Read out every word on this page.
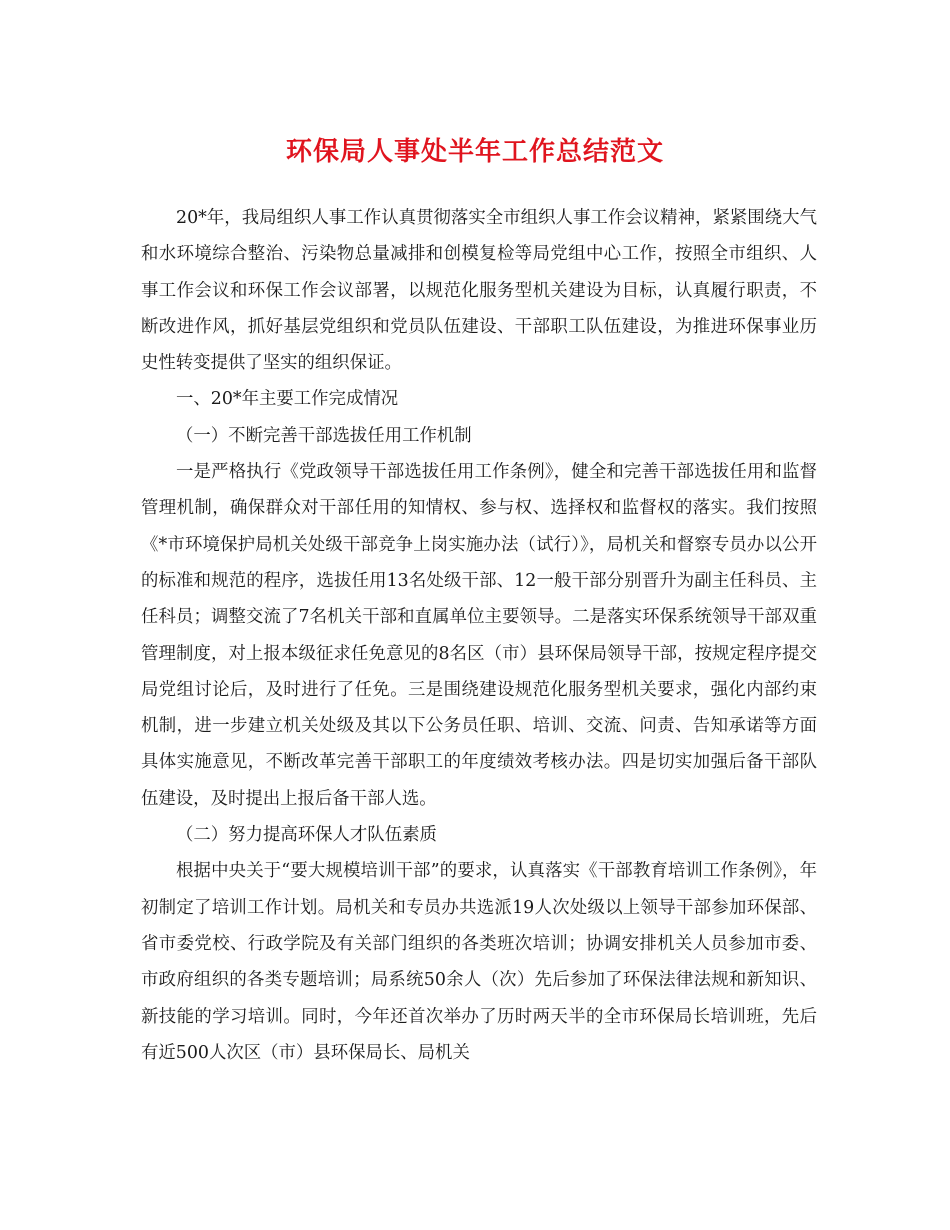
环保局人事处半年工作总结范文

20*年，我局组织人事工作认真贯彻落实全市组织人事工作会议精神，紧紧围绕大气和水环境综合整治、污染物总量减排和创模复检等局党组中心工作，按照全市组织、人事工作会议和环保工作会议部署，以规范化服务型机关建设为目标，认真履行职责，不断改进作风，抓好基层党组织和党员队伍建设、干部职工队伍建设，为推进环保事业历史性转变提供了坚实的组织保证。

一、20*年主要工作完成情况

（一）不断完善干部选拔任用工作机制

一是严格执行《党政领导干部选拔任用工作条例》，健全和完善干部选拔任用和监督管理机制，确保群众对干部任用的知情权、参与权、选择权和监督权的落实。我们按照《*市环境保护局机关处级干部竞争上岗实施办法（试行）》，局机关和督察专员办以公开的标准和规范的程序，选拔任用13名处级干部、12一般干部分别晋升为副主任科员、主任科员；调整交流了7名机关干部和直属单位主要领导。二是落实环保系统领导干部双重管理制度，对上报本级征求任免意见的8名区（市）县环保局领导干部，按规定程序提交局党组讨论后，及时进行了任免。三是围绕建设规范化服务型机关要求，强化内部约束机制，进一步建立机关处级及其以下公务员任职、培训、交流、问责、告知承诺等方面具体实施意见，不断改革完善干部职工的年度绩效考核办法。四是切实加强后备干部队伍建设，及时提出上报后备干部人选。

（二）努力提高环保人才队伍素质

根据中央关于“要大规模培训干部”的要求，认真落实《干部教育培训工作条例》，年初制定了培训工作计划。局机关和专员办共选派19人次处级以上领导干部参加环保部、省市委党校、行政学院及有关部门组织的各类班次培训；协调安排机关人员参加市委、市政府组织的各类专题培训；局系统50余人（次）先后参加了环保法律法规和新知识、新技能的学习培训。同时，今年还首次举办了历时两天半的全市环保局长培训班，先后有近500人次区（市）县环保局长、局机关
